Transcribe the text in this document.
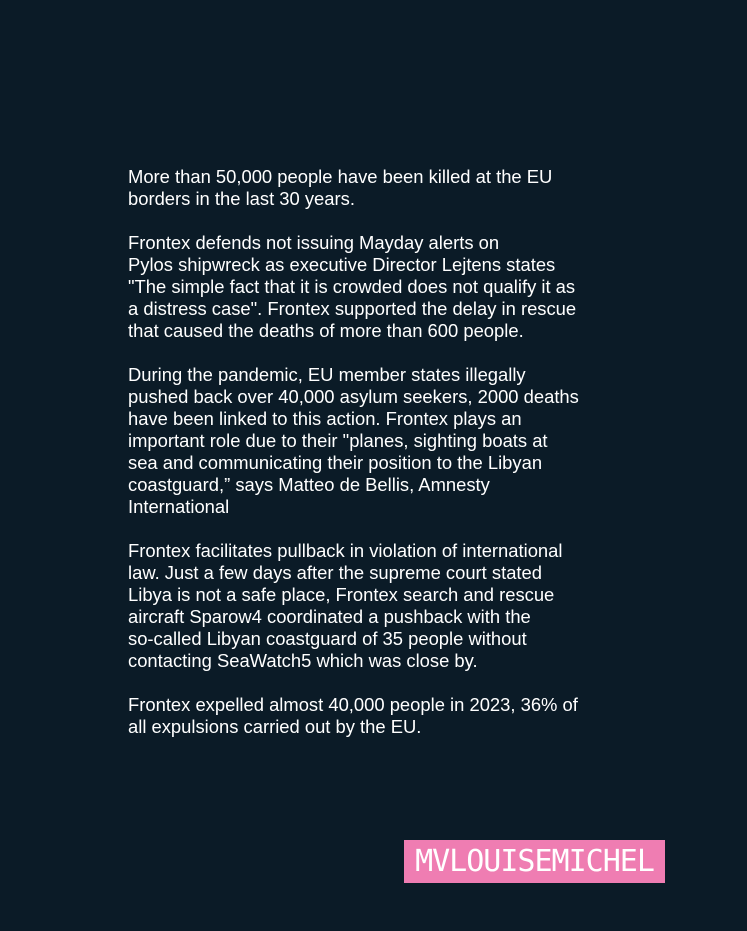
More than 50,000 people have been killed at the EU
borders in the last 30 years.

Frontex defends not issuing Mayday alerts on
Pylos shipwreck as executive Director Lejtens states
"The simple fact that it is crowded does not qualify it as
a distress case". Frontex supported the delay in rescue
that caused the deaths of more than 600 people.

During the pandemic, EU member states illegally
pushed back over 40,000 asylum seekers, 2000 deaths
have been linked to this action. Frontex plays an
important role due to their "planes, sighting boats at
sea and communicating their position to the Libyan
coastguard,” says Matteo de Bellis, Amnesty
International

Frontex facilitates pullback in violation of international
law. Just a few days after the supreme court stated
Libya is not a safe place, Frontex search and rescue
aircraft Sparow4 coordinated a pushback with the
so-called Libyan coastguard of 35 people without
contacting SeaWatch5 which was close by.

Frontex expelled almost 40,000 people in 2023, 36% of
all expulsions carried out by the EU.

MVLOUISEMICHEL
